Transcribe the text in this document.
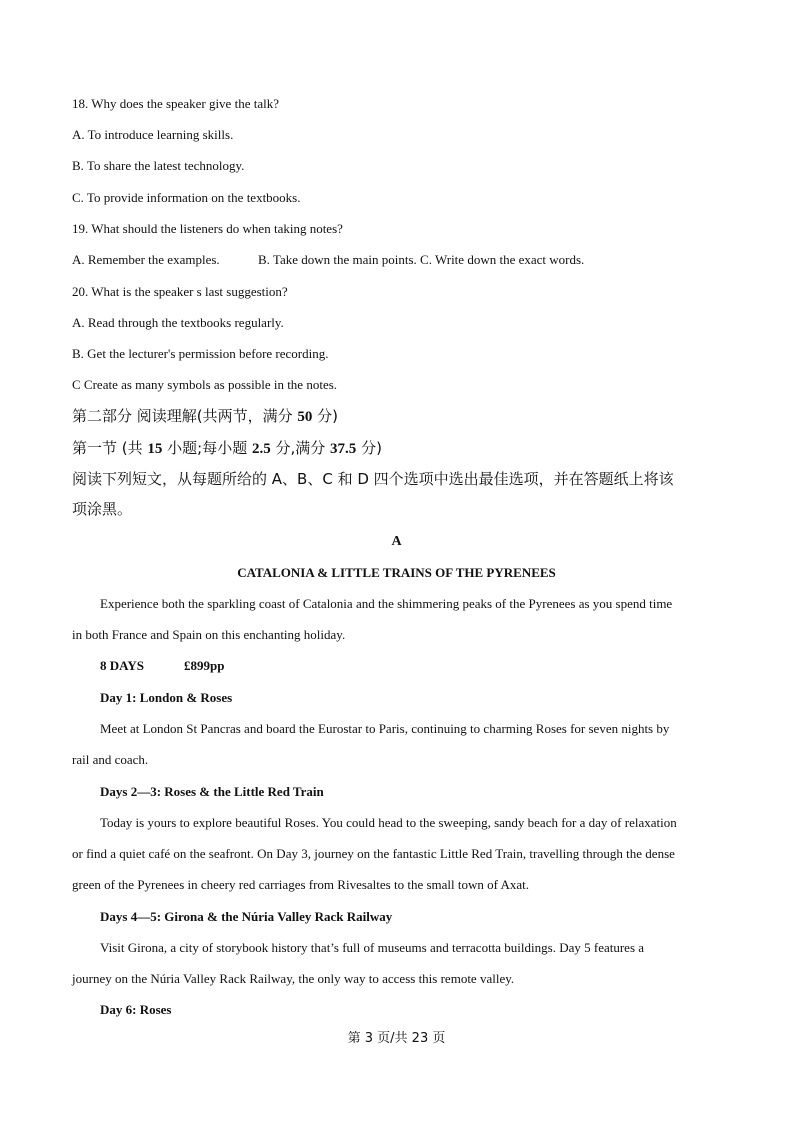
18. Why does the speaker give the talk?
A. To introduce learning skills.
B. To share the latest technology.
C. To provide information on the textbooks.
19. What should the listeners do when taking notes?
A. Remember the examples.	B. Take down the main points. C. Write down the exact words.
20. What is the speaker s last suggestion?
A. Read through the textbooks regularly.
B. Get the lecturer's permission before recording.
C Create as many symbols as possible in the notes.
第二部分 阅读理解(共两节，满分 50 分)
第一节 (共 15 小题;每小题 2.5 分,满分 37.5 分)
阅读下列短文，从每题所给的 A、B、C 和 D 四个选项中选出最佳选项，并在答题纸上将该
项涂黑。
A
CATALONIA & LITTLE TRAINS OF THE PYRENEES
Experience both the sparkling coast of Catalonia and the shimmering peaks of the Pyrenees as you spend time
in both France and Spain on this enchanting holiday.
8 DAYS	£899pp
Day 1: London & Roses
Meet at London St Pancras and board the Eurostar to Paris, continuing to charming Roses for seven nights by
rail and coach.
Days 2—3: Roses & the Little Red Train
Today is yours to explore beautiful Roses. You could head to the sweeping, sandy beach for a day of relaxation
or find a quiet café on the seafront. On Day 3, journey on the fantastic Little Red Train, travelling through the dense
green of the Pyrenees in cheery red carriages from Rivesaltes to the small town of Axat.
Days 4—5: Girona & the Núria Valley Rack Railway
Visit Girona, a city of storybook history that’s full of museums and terracotta buildings. Day 5 features a
journey on the Núria Valley Rack Railway, the only way to access this remote valley.
Day 6: Roses
第 3 页/共 23 页
